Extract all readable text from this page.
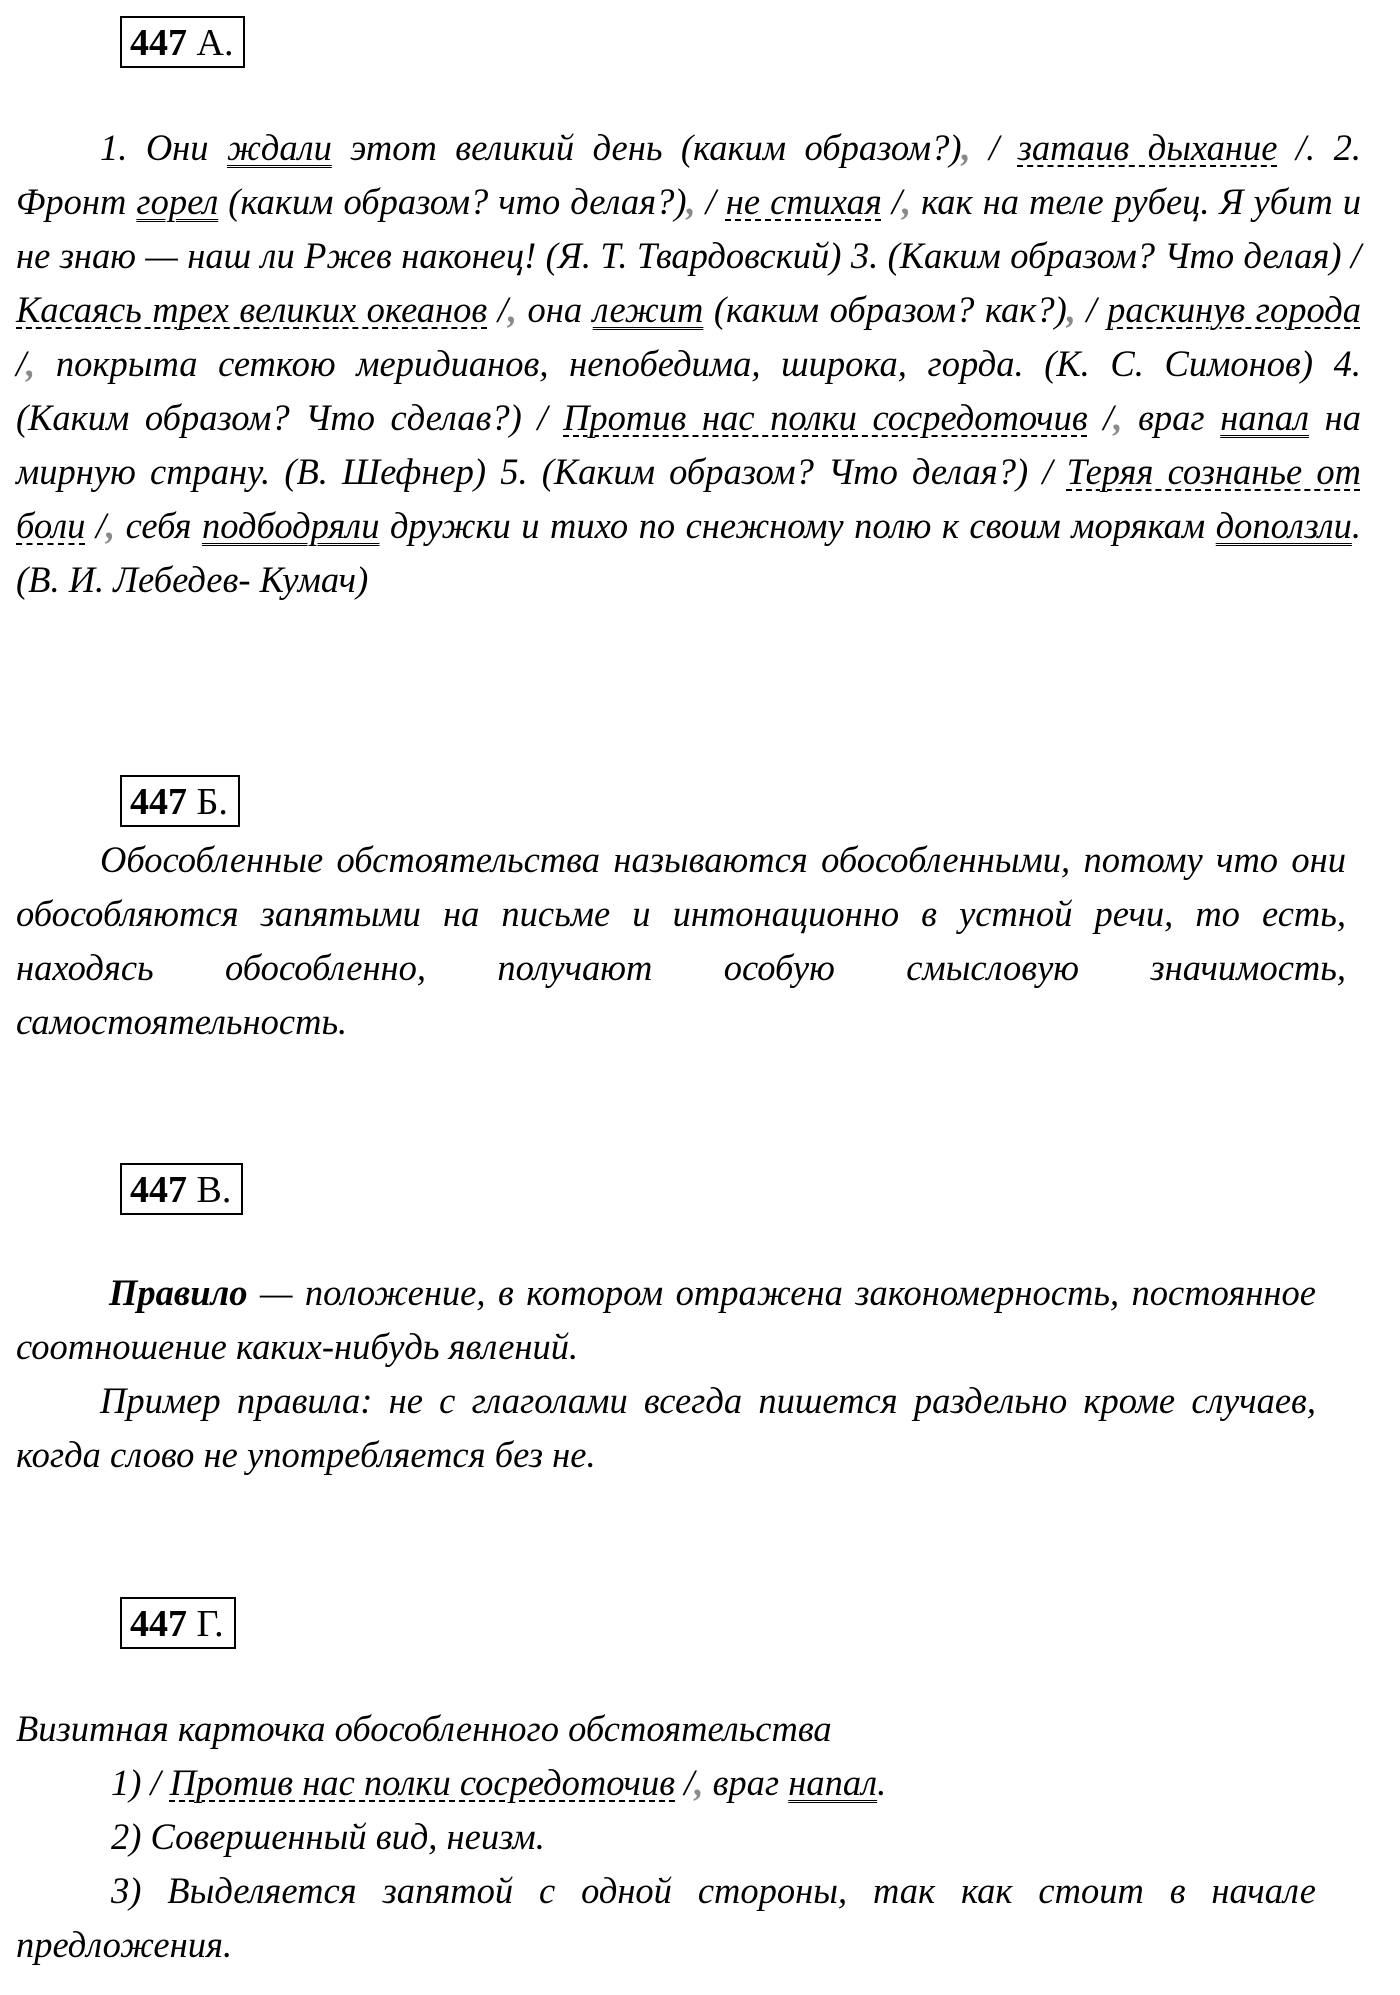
447 А.

1. Они ждали этот великий день (каким образом?), / затаив дыхание /. 2. Фронт горел (каким образом? что делая?), / не стихая /, как на теле рубец. Я убит и не знаю — наш ли Ржев наконец! (Я. Т. Твардовский) 3. (Каким образом? Что делая) / Касаясь трех великих океанов /, она лежит (каким образом? как?), / раскинув города /, покрыта сеткою меридианов, непобедима, широка, горда. (К. С. Симонов) 4. (Каким образом? Что сделав?) / Против нас полки сосредоточив /, враг напал на мирную страну. (В. Шефнер) 5. (Каким образом? Что делая?) / Теряя сознанье от боли /, себя подбодряли дружки и тихо по снежному полю к своим морякам доползли. (В. И. Лебедев- Кумач)

447 Б.

Обособленные обстоятельства называются обособленными, потому что они обособляются запятыми на письме и интонационно в устной речи, то есть, находясь обособленно, получают особую смысловую значимость, самостоятельность.

447 В.

Правило — положение, в котором отражена закономерность, постоянное соотношение каких-нибудь явлений.

Пример правила: не с глаголами всегда пишется раздельно кроме случаев, когда слово не употребляется без не.

447 Г.

Визитная карточка обособленного обстоятельства

1) / Против нас полки сосредоточив /, враг напал.

2) Совершенный вид, неизм.

3) Выделяется запятой с одной стороны, так как стоит в начале предложения.
